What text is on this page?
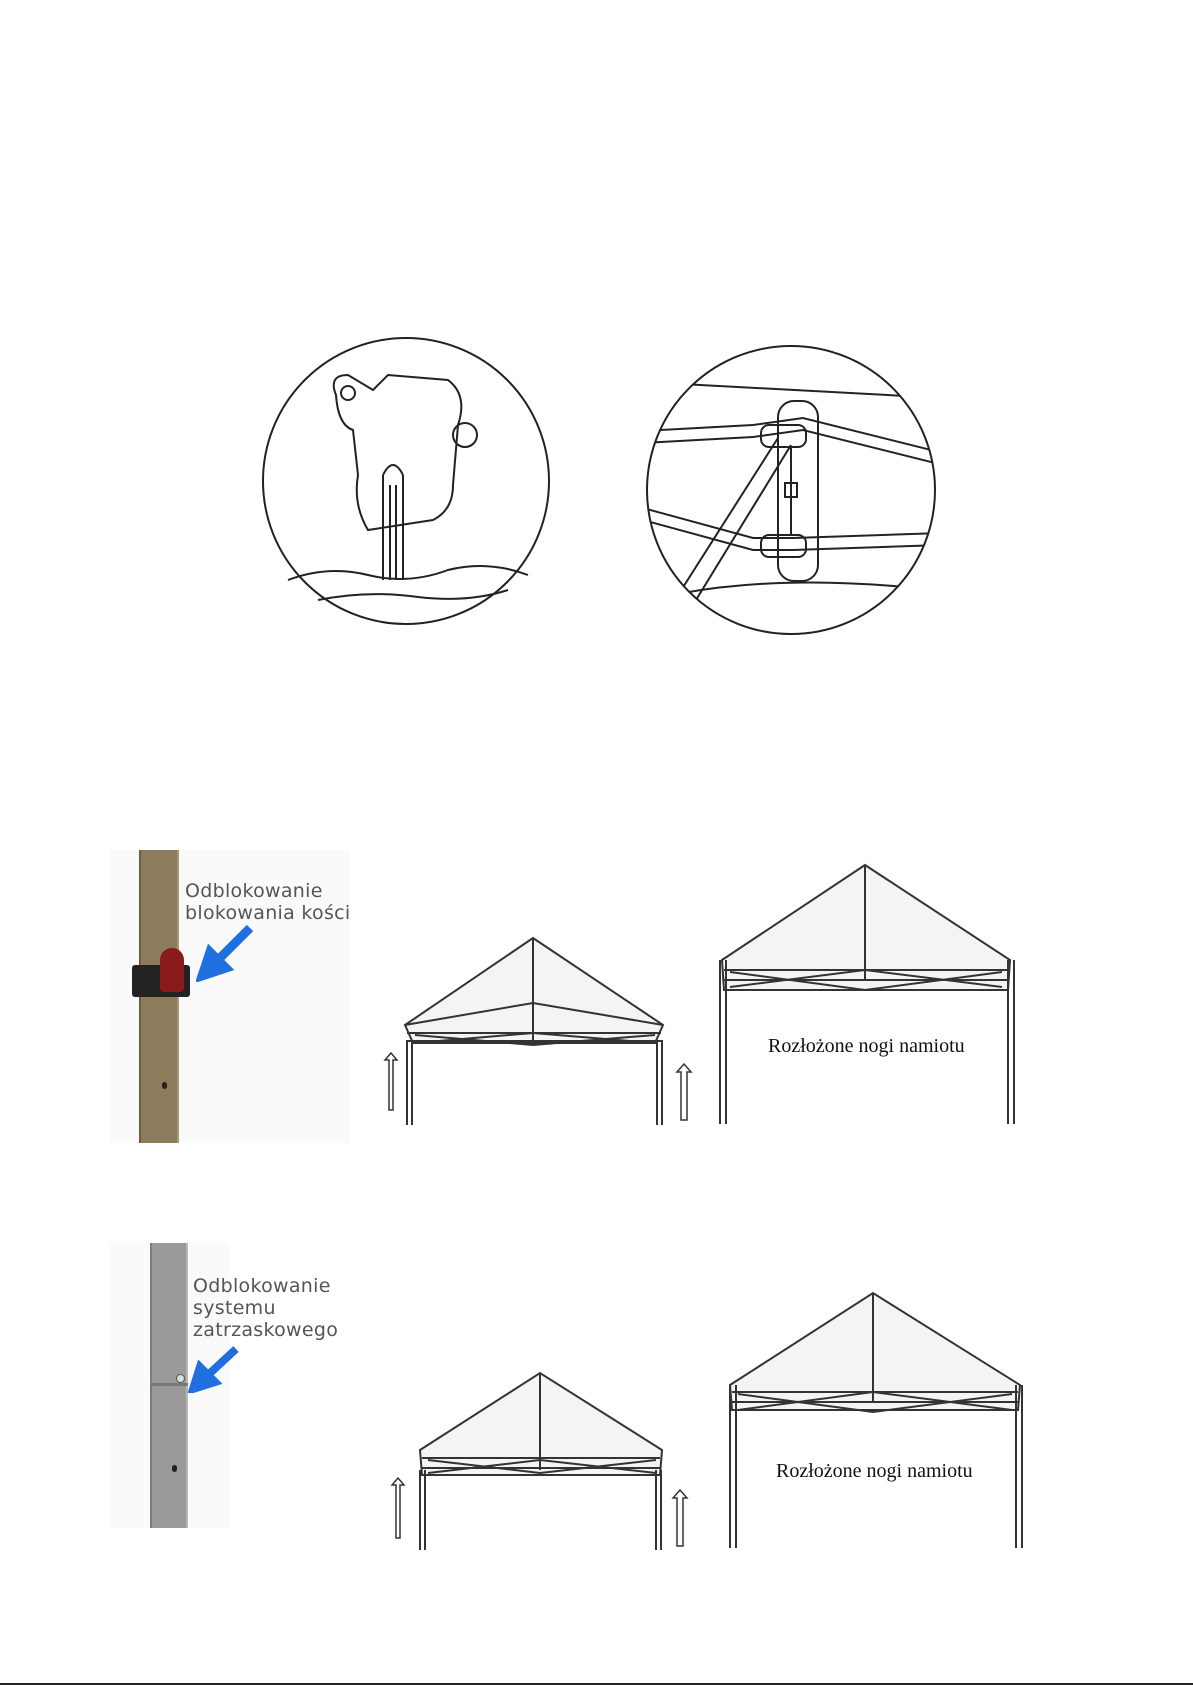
Odblokowanie
blokowania kości
Rozłożone nogi namiotu
Odblokowanie
systemu
zatrzaskowego
Rozłożone nogi namiotu
